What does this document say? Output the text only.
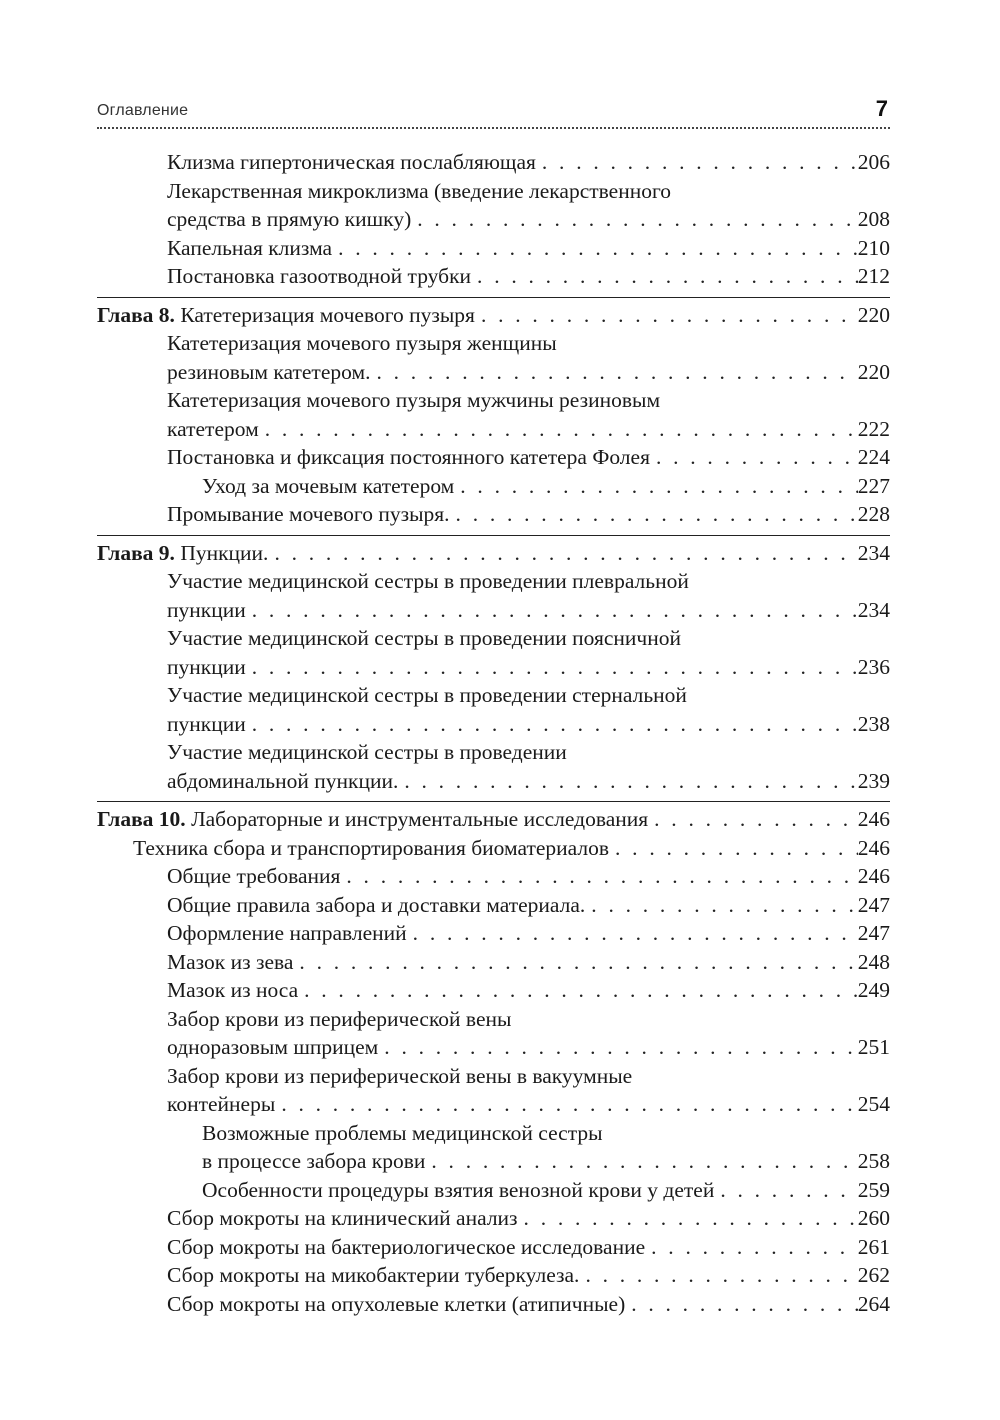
Оглавление	7
Клизма гипертоническая послабляющая . . .	206
Лекарственная микроклизма (введение лекарственного
средства в прямую кишку) . . .	208
Капельная клизма . . .	210
Постановка газоотводной трубки . . .	212
Глава 8. Катетеризация мочевого пузыря . . .	220
Катетеризация мочевого пузыря женщины
резиновым катетером. . . .	220
Катетеризация мочевого пузыря мужчины резиновым
катетером . . .	222
Постановка и фиксация постоянного катетера Фолея . . .	224
Уход за мочевым катетером . . .	227
Промывание мочевого пузыря. . . .	228
Глава 9. Пункции. . . .	234
Участие медицинской сестры в проведении плевральной
пункции . . .	234
Участие медицинской сестры в проведении поясничной
пункции . . .	236
Участие медицинской сестры в проведении стернальной
пункции . . .	238
Участие медицинской сестры в проведении
абдоминальной пункции. . . .	239
Глава 10. Лабораторные и инструментальные исследования . . .	246
Техника сбора и транспортирования биоматериалов . . .	246
Общие требования . . .	246
Общие правила забора и доставки материала. . . .	247
Оформление направлений . . .	247
Мазок из зева . . .	248
Мазок из носа . . .	249
Забор крови из периферической вены
одноразовым шприцем . . .	251
Забор крови из периферической вены в вакуумные
контейнеры . . .	254
Возможные проблемы медицинской сестры
в процессе забора крови . . .	258
Особенности процедуры взятия венозной крови у детей . . .	259
Сбор мокроты на клинический анализ . . .	260
Сбор мокроты на бактериологическое исследование . . .	261
Сбор мокроты на микобактерии туберкулеза. . . .	262
Сбор мокроты на опухолевые клетки (атипичные) . . .	264
